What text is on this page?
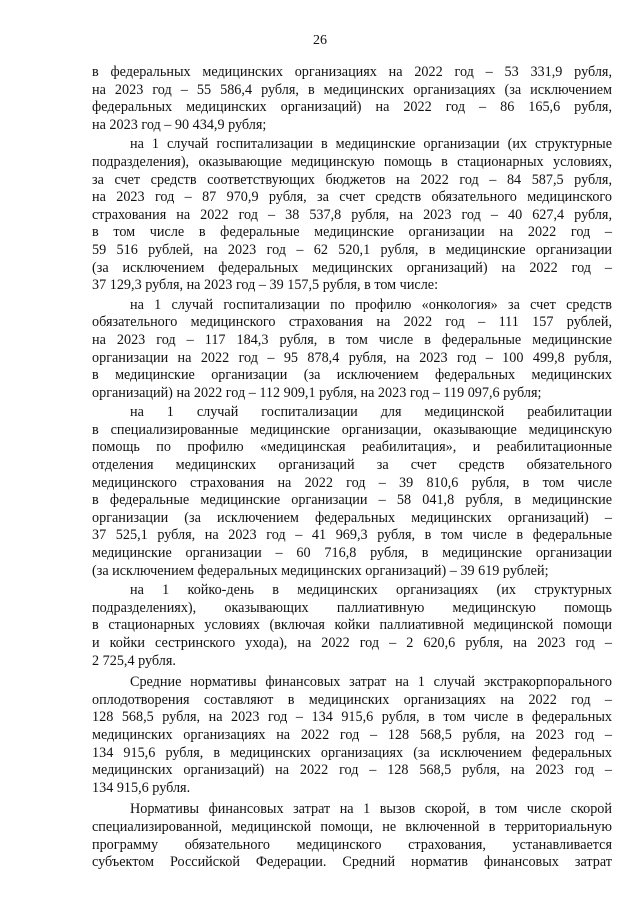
26

в федеральных медицинских организациях на 2022 год – 53 331,9 рубля,
на 2023 год – 55 586,4 рубля, в медицинских организациях (за исключением
федеральных медицинских организаций) на 2022 год – 86 165,6 рубля,
на 2023 год – 90 434,9 рубля;

на 1 случай госпитализации в медицинские организации (их структурные
подразделения), оказывающие медицинскую помощь в стационарных условиях,
за счет средств соответствующих бюджетов на 2022 год – 84 587,5 рубля,
на 2023 год – 87 970,9 рубля, за счет средств обязательного медицинского
страхования на 2022 год – 38 537,8 рубля, на 2023 год – 40 627,4 рубля,
в том числе в федеральные медицинские организации на 2022 год –
59 516 рублей, на 2023 год – 62 520,1 рубля, в медицинские организации
(за исключением федеральных медицинских организаций) на 2022 год –
37 129,3 рубля, на 2023 год – 39 157,5 рубля, в том числе:

на 1 случай госпитализации по профилю «онкология» за счет средств
обязательного медицинского страхования на 2022 год – 111 157 рублей,
на 2023 год – 117 184,3 рубля, в том числе в федеральные медицинские
организации на 2022 год – 95 878,4 рубля, на 2023 год – 100 499,8 рубля,
в медицинские организации (за исключением федеральных медицинских
организаций) на 2022 год – 112 909,1 рубля, на 2023 год – 119 097,6 рубля;

на 1 случай госпитализации для медицинской реабилитации
в специализированные медицинские организации, оказывающие медицинскую
помощь по профилю «медицинская реабилитация», и реабилитационные
отделения медицинских организаций за счет средств обязательного
медицинского страхования на 2022 год – 39 810,6 рубля, в том числе
в федеральные медицинские организации – 58 041,8 рубля, в медицинские
организации (за исключением федеральных медицинских организаций) –
37 525,1 рубля, на 2023 год – 41 969,3 рубля, в том числе в федеральные
медицинские организации – 60 716,8 рубля, в медицинские организации
(за исключением федеральных медицинских организаций) – 39 619 рублей;

на 1 койко-день в медицинских организациях (их структурных
подразделениях), оказывающих паллиативную медицинскую помощь
в стационарных условиях (включая койки паллиативной медицинской помощи
и койки сестринского ухода), на 2022 год – 2 620,6 рубля, на 2023 год –
2 725,4 рубля.

Средние нормативы финансовых затрат на 1 случай экстракорпорального
оплодотворения составляют в медицинских организациях на 2022 год –
128 568,5 рубля, на 2023 год – 134 915,6 рубля, в том числе в федеральных
медицинских организациях на 2022 год – 128 568,5 рубля, на 2023 год –
134 915,6 рубля, в медицинских организациях (за исключением федеральных
медицинских организаций) на 2022 год – 128 568,5 рубля, на 2023 год –
134 915,6 рубля.

Нормативы финансовых затрат на 1 вызов скорой, в том числе скорой
специализированной, медицинской помощи, не включенной в территориальную
программу обязательного медицинского страхования, устанавливается
субъектом Российской Федерации. Средний норматив финансовых затрат
